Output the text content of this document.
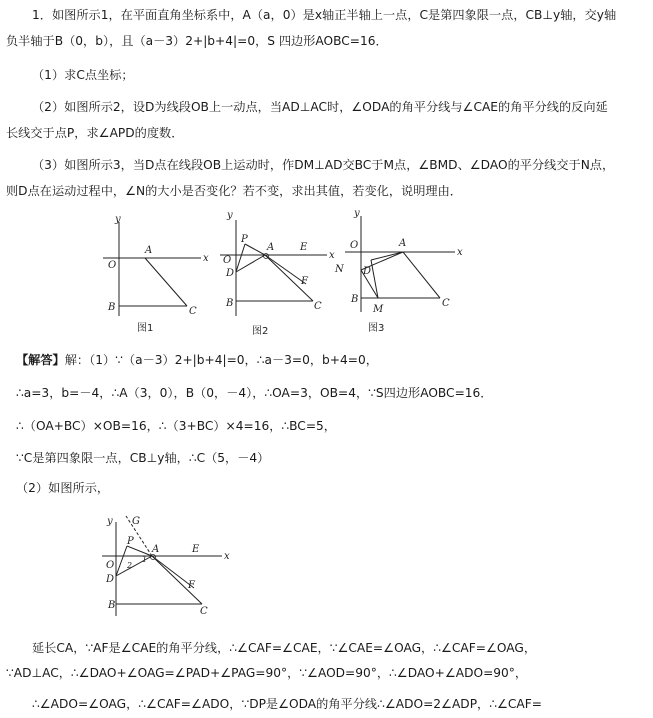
1．如图所示1，在平面直角坐标系中，A（a，0）是x轴正半轴上一点，C是第四象限一点，CB⊥y轴，交y轴
负半轴于B（0，b），且（a－3）2+|b+4|=0，S 四边形AOBC=16．
（1）求C点坐标；
（2）如图所示2，设D为线段OB上一动点，当AD⊥AC时，∠ODA的角平分线与∠CAE的角平分线的反向延
长线交于点P，求∠APD的度数．
（3）如图所示3，当D点在线段OB上运动时，作DM⊥AD交BC于M点，∠BMD、∠DAO的平分线交于N点，
则D点在运动过程中，∠N的大小是否变化？若不变，求出其值，若变化，说明理由．
y
x
O
A
B	C
图1
y
x
O
A
P
D
E
F
B	C
图2
y
x
O	A
N D
B
M
C
图3
【解答】解：（1）∵（a－3）2+|b+4|=0，∴a－3=0，b+4=0，
∴a=3，b=－4，∴A（3，0），B（0，－4），∴OA=3，OB=4，∵S四边形AOBC=16．
∴（OA+BC）×OB=16，∴（3+BC）×4=16，∴BC=5，
∵C是第四象限一点，CB⊥y轴，∴C（5，－4）
（2）如图所示，
y
x
O
A
P
G
D
E
F
B
C
2
1
延长CA，∵AF是∠CAE的角平分线，∴∠CAF=∠CAE，∵∠CAE=∠OAG，∴∠CAF=∠OAG，
∵AD⊥AC，∴∠DAO+∠OAG=∠PAD+∠PAG=90°，∵∠AOD=90°，∴∠DAO+∠ADO=90°，
∴∠ADO=∠OAG，∴∠CAF=∠ADO，∵DP是∠ODA的角平分线∴∠ADO=2∠ADP，∴∠CAF=
